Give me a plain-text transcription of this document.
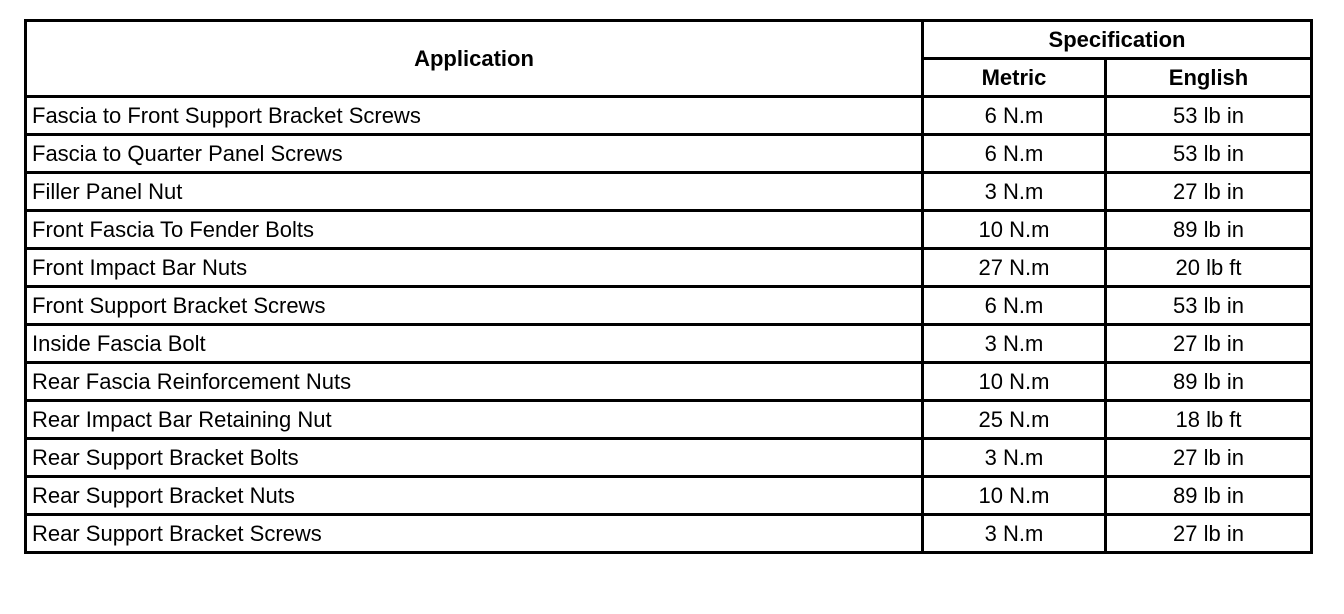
Application	Specification	
	Metric	English
Fascia to Front Support Bracket Screws	6 N.m	53 lb in
Fascia to Quarter Panel Screws	6 N.m	53 lb in
Filler Panel Nut	3 N.m	27 lb in
Front Fascia To Fender Bolts	10 N.m	89 lb in
Front Impact Bar Nuts	27 N.m	20 lb ft
Front Support Bracket Screws	6 N.m	53 lb in
Inside Fascia Bolt	3 N.m	27 lb in
Rear Fascia Reinforcement Nuts	10 N.m	89 lb in
Rear Impact Bar Retaining Nut	25 N.m	18 lb ft
Rear Support Bracket Bolts	3 N.m	27 lb in
Rear Support Bracket Nuts	10 N.m	89 lb in
Rear Support Bracket Screws	3 N.m	27 lb in
